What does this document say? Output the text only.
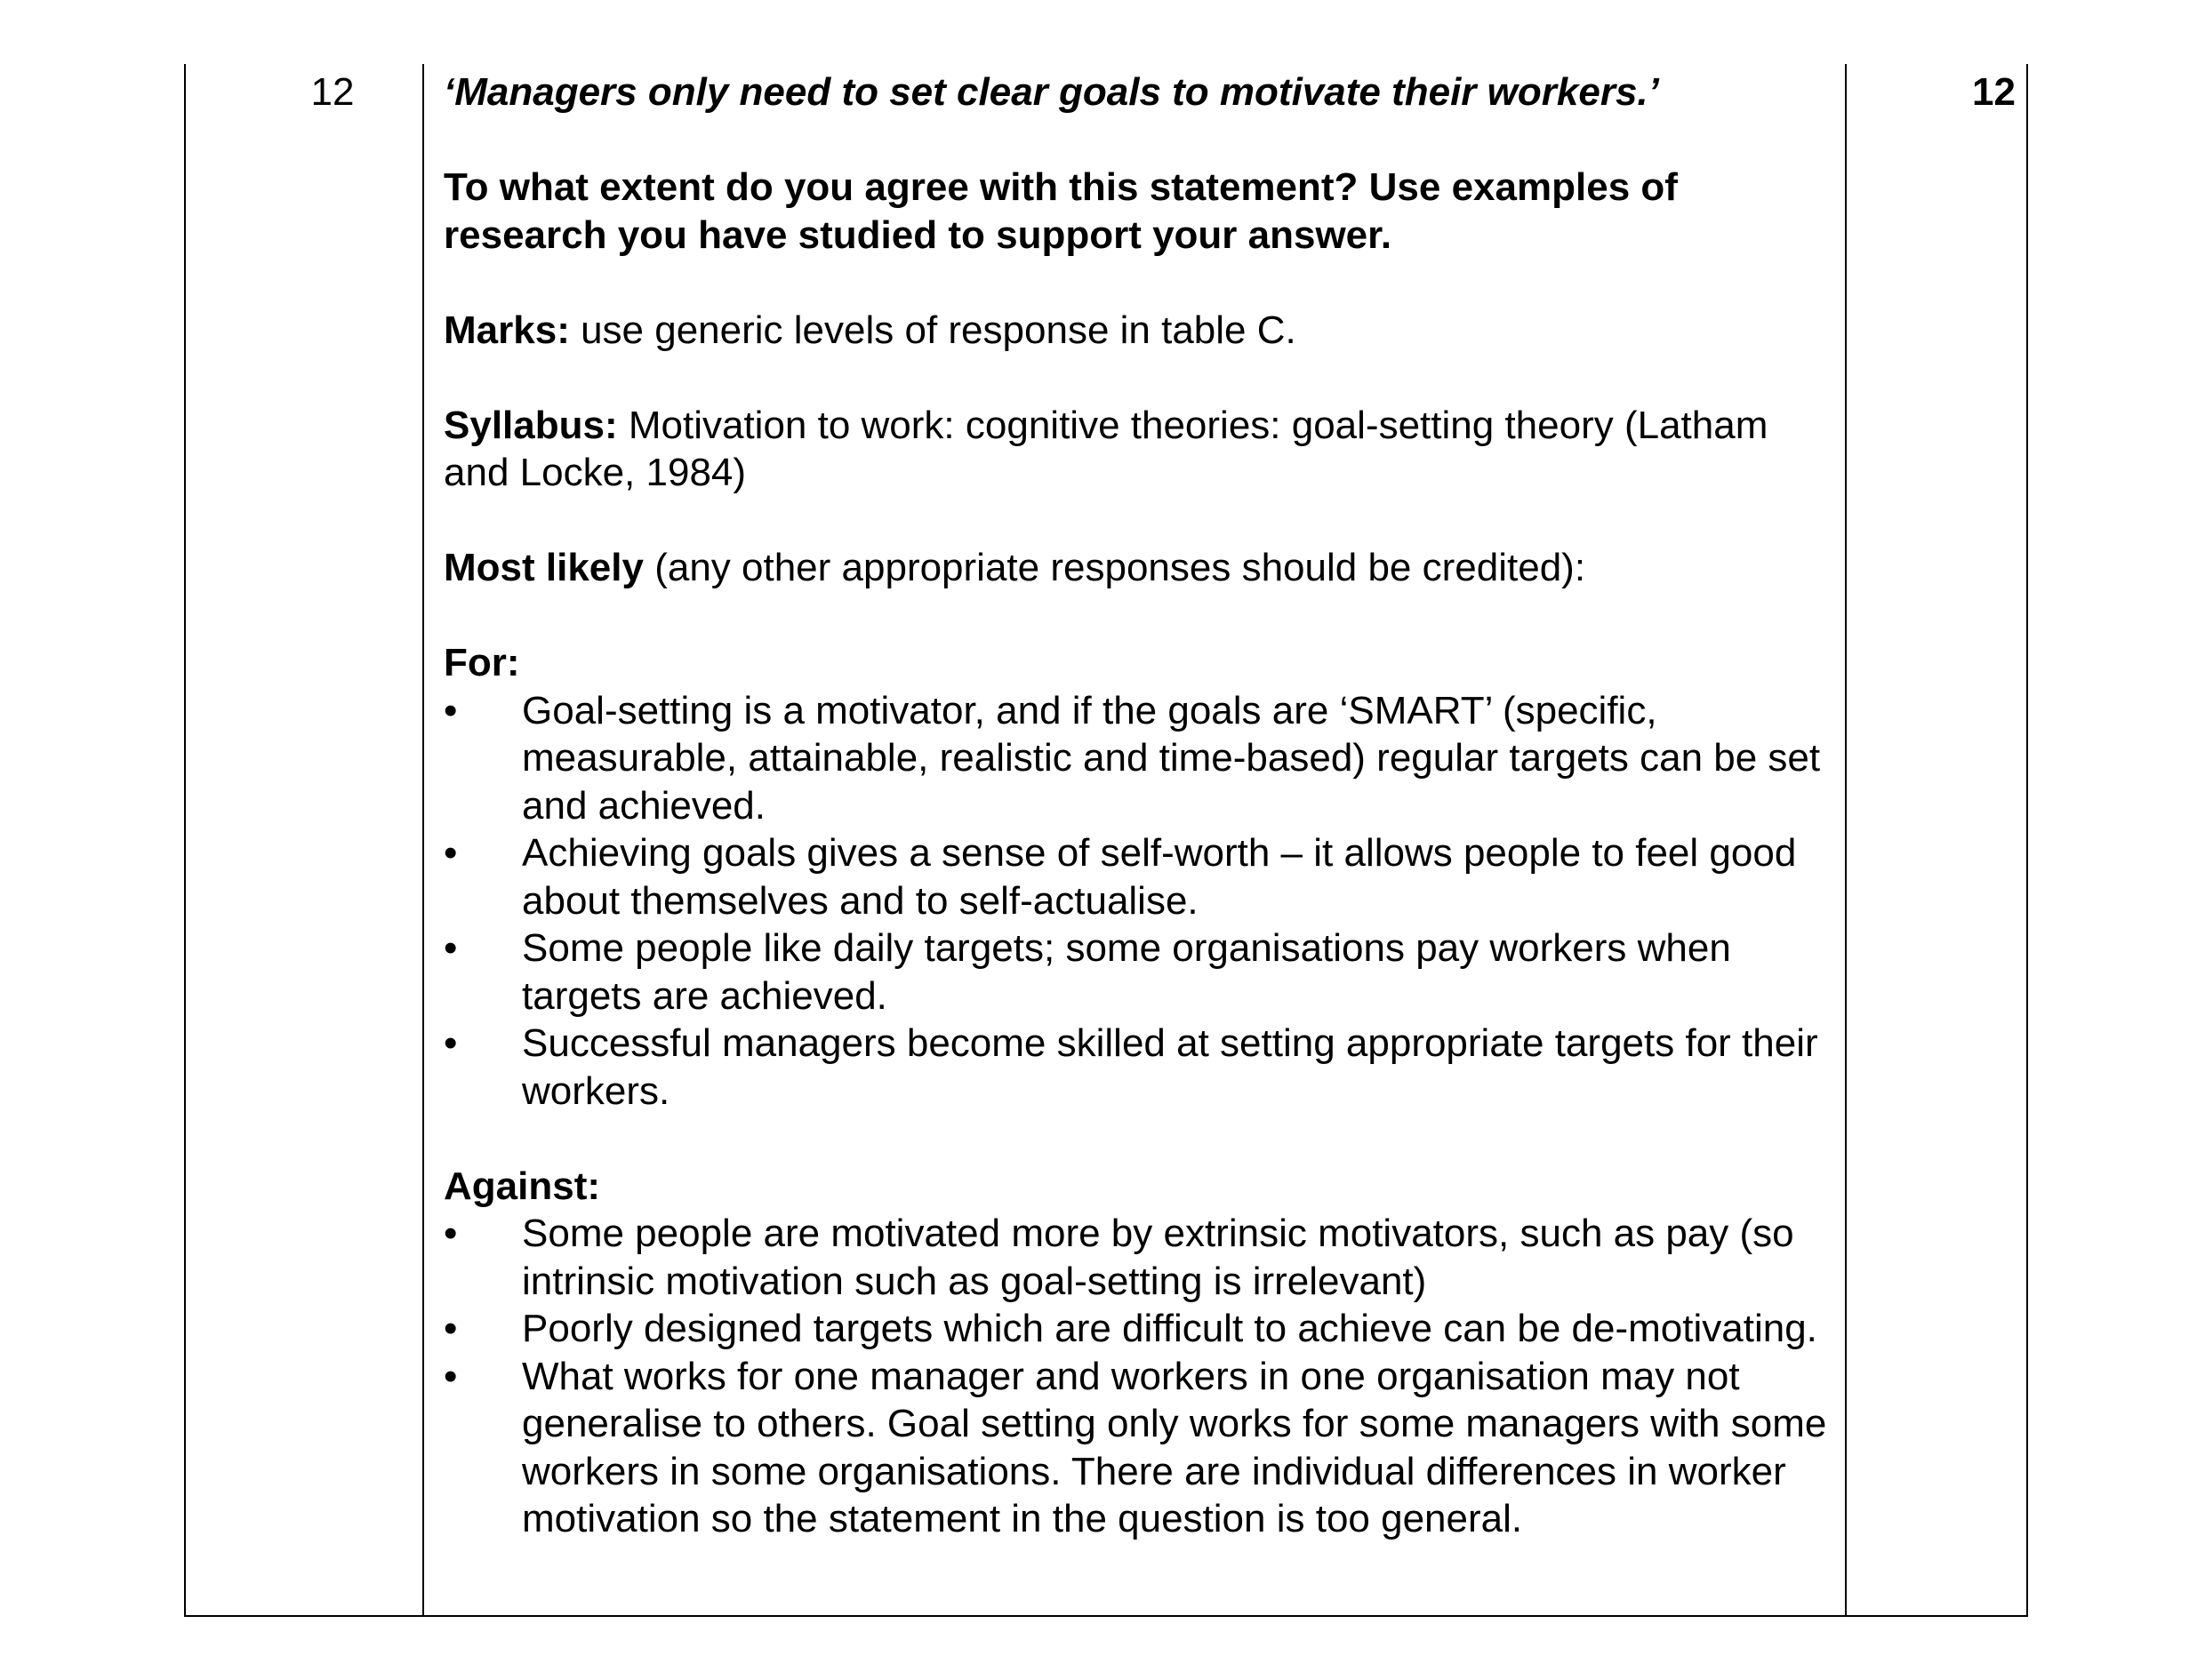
12	‘Managers only need to set clear goals to motivate their workers.’

To what extent do you agree with this statement? Use examples of research you have studied to support your answer.

Marks: use generic levels of response in table C.

Syllabus: Motivation to work: cognitive theories: goal-setting theory (Latham and Locke, 1984)

Most likely (any other appropriate responses should be credited):

For:

•	Goal-setting is a motivator, and if the goals are ‘SMART’ (specific, measurable, attainable, realistic and time-based) regular targets can be set and achieved.
•	Achieving goals gives a sense of self-worth – it allows people to feel good about themselves and to self-actualise.
•	Some people like daily targets; some organisations pay workers when targets are achieved.
•	Successful managers become skilled at setting appropriate targets for their workers.

Against:

•	Some people are motivated more by extrinsic motivators, such as pay (so intrinsic motivation such as goal-setting is irrelevant)
•	Poorly designed targets which are difficult to achieve can be de-motivating.
•	What works for one manager and workers in one organisation may not generalise to others. Goal setting only works for some managers with some workers in some organisations. There are individual differences in worker motivation so the statement in the question is too general.
12
